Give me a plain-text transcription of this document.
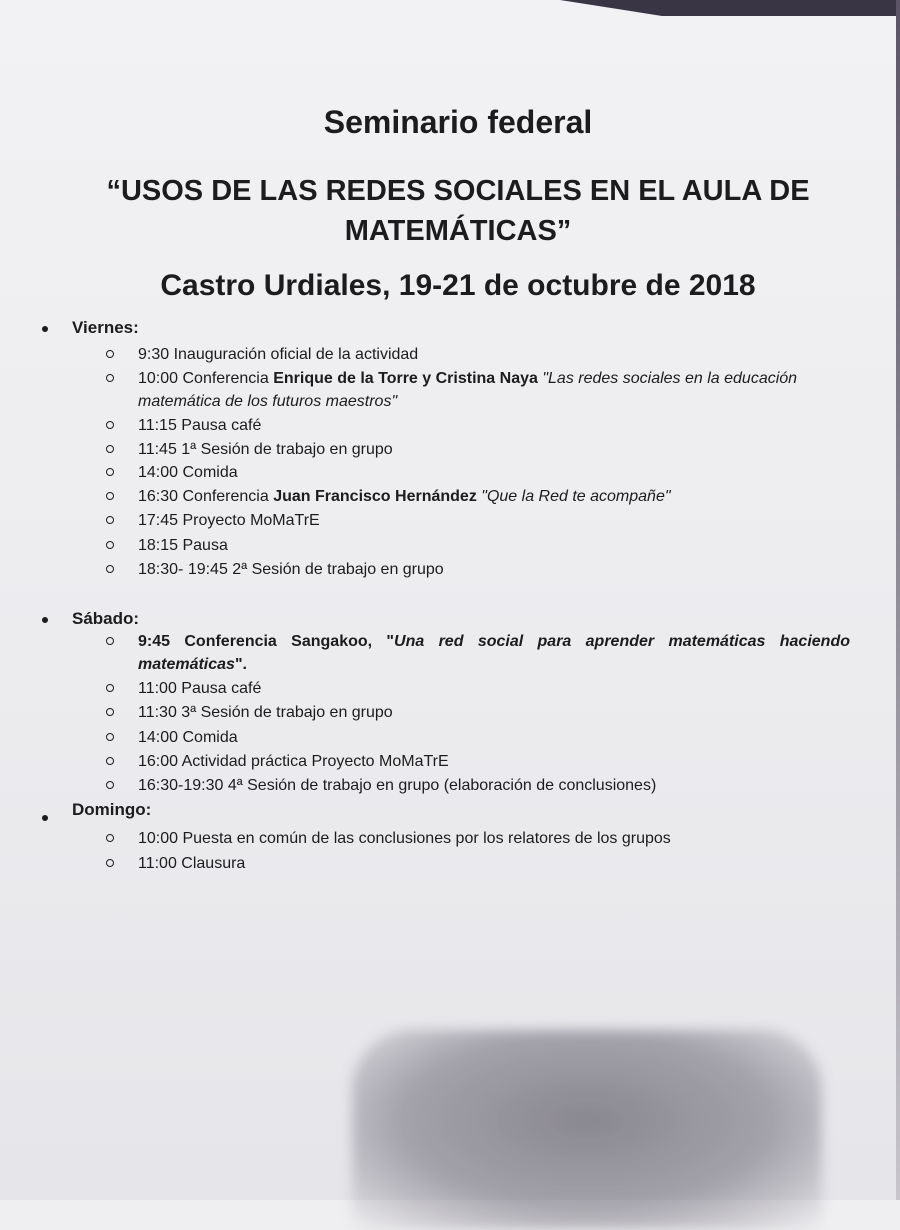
Seminario federal
“USOS DE LAS REDES SOCIALES EN EL AULA DE MATEMÁTICAS”
Castro Urdiales, 19-21 de octubre de 2018

Viernes:

9:30 Inauguración oficial de la actividad

10:00 Conferencia Enrique de la Torre y Cristina Naya "Las redes sociales en la educación matemática de los futuros maestros"

11:15 Pausa café

11:45 1ª Sesión de trabajo en grupo

14:00 Comida

16:30 Conferencia Juan Francisco Hernández "Que la Red te acompañe"

17:45 Proyecto MoMaTrE

18:15 Pausa

18:30- 19:45 2ª Sesión de trabajo en grupo

Sábado:

9:45 Conferencia Sangakoo, "Una red social para aprender matemáticas haciendo matemáticas".

11:00 Pausa café

11:30 3ª Sesión de trabajo en grupo

14:00 Comida

16:00 Actividad práctica Proyecto MoMaTrE

16:30-19:30 4ª Sesión de trabajo en grupo (elaboración de conclusiones)

Domingo:

10:00 Puesta en común de las conclusiones por los relatores de los grupos

11:00 Clausura
